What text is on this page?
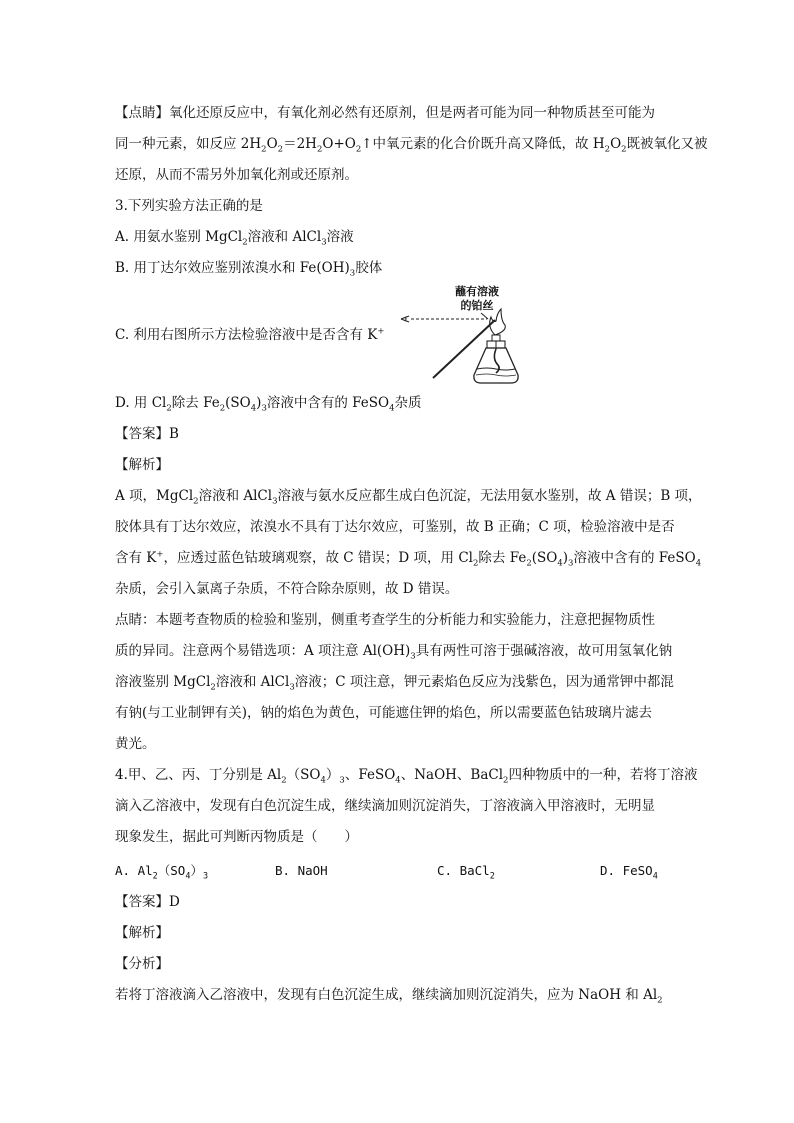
【点睛】氧化还原反应中，有氧化剂必然有还原剂，但是两者可能为同一种物质甚至可能为
同一种元素，如反应 $2H_2O_2=2H_2O+O_2↑$中氧元素的化合价既升高又降低，故 $H_2O_2$既被氧化又被
还原，从而不需另外加氧化剂或还原剂。
3.下列实验方法正确的是
A. 用氨水鉴别 MgCl$_2$溶液和 AlCl$_3$溶液
B. 用丁达尔效应鉴别浓溴水和 $Fe(OH)_3$胶体
C. 利用右图所示方法检验溶液中是否含有 K+
蘸有溶液
的铂丝
D. 用 $Cl_2$除去 $Fe_2(SO_4)_3$溶液中含有的 FeSO$_4$杂质
【答案】B
【解析】
A 项，MgCl$_2$溶液和 AlCl$_3$溶液与氨水反应都生成白色沉淀，无法用氨水鉴别，故 A 错误；B 项，
胶体具有丁达尔效应，浓溴水不具有丁达尔效应，可鉴别，故 B 正确；C 项，检验溶液中是否
含有 K+，应透过蓝色钴玻璃观察，故 C 错误；D 项，用 $Cl_2$除去 $Fe_2(SO_4)_3$溶液中含有的 FeSO$_4$
杂质，会引入氯离子杂质，不符合除杂原则，故 D 错误。
点睛：本题考查物质的检验和鉴别，侧重考查学生的分析能力和实验能力，注意把握物质性
质的异同。注意两个易错选项：A 项注意 $Al(OH)_3$具有两性可溶于强碱溶液，故可用氢氧化钠
溶液鉴别 MgCl$_2$溶液和 AlCl$_3$溶液；C 项注意，钾元素焰色反应为浅紫色，因为通常钾中都混
有钠(与工业制钾有关)，钠的焰色为黄色，可能遮住钾的焰色，所以需要蓝色钴玻璃片滤去
黄光。
4.甲、乙、丙、丁分别是 $Al_2(SO_4)_3$、FeSO$_4$、NaOH、BaCl$_2$四种物质中的一种，若将丁溶液
滴入乙溶液中，发现有白色沉淀生成，继续滴加则沉淀消失，丁溶液滴入甲溶液时，无明显
现象发生，据此可判断丙物质是（　　）
A. $Al_2(SO_4)_3$	B. NaOH	C. BaCl$_2$	D. FeSO$_4$
【答案】D
【解析】
【分析】
若将丁溶液滴入乙溶液中，发现有白色沉淀生成，继续滴加则沉淀消失，应为 NaOH 和 $Al_2$
